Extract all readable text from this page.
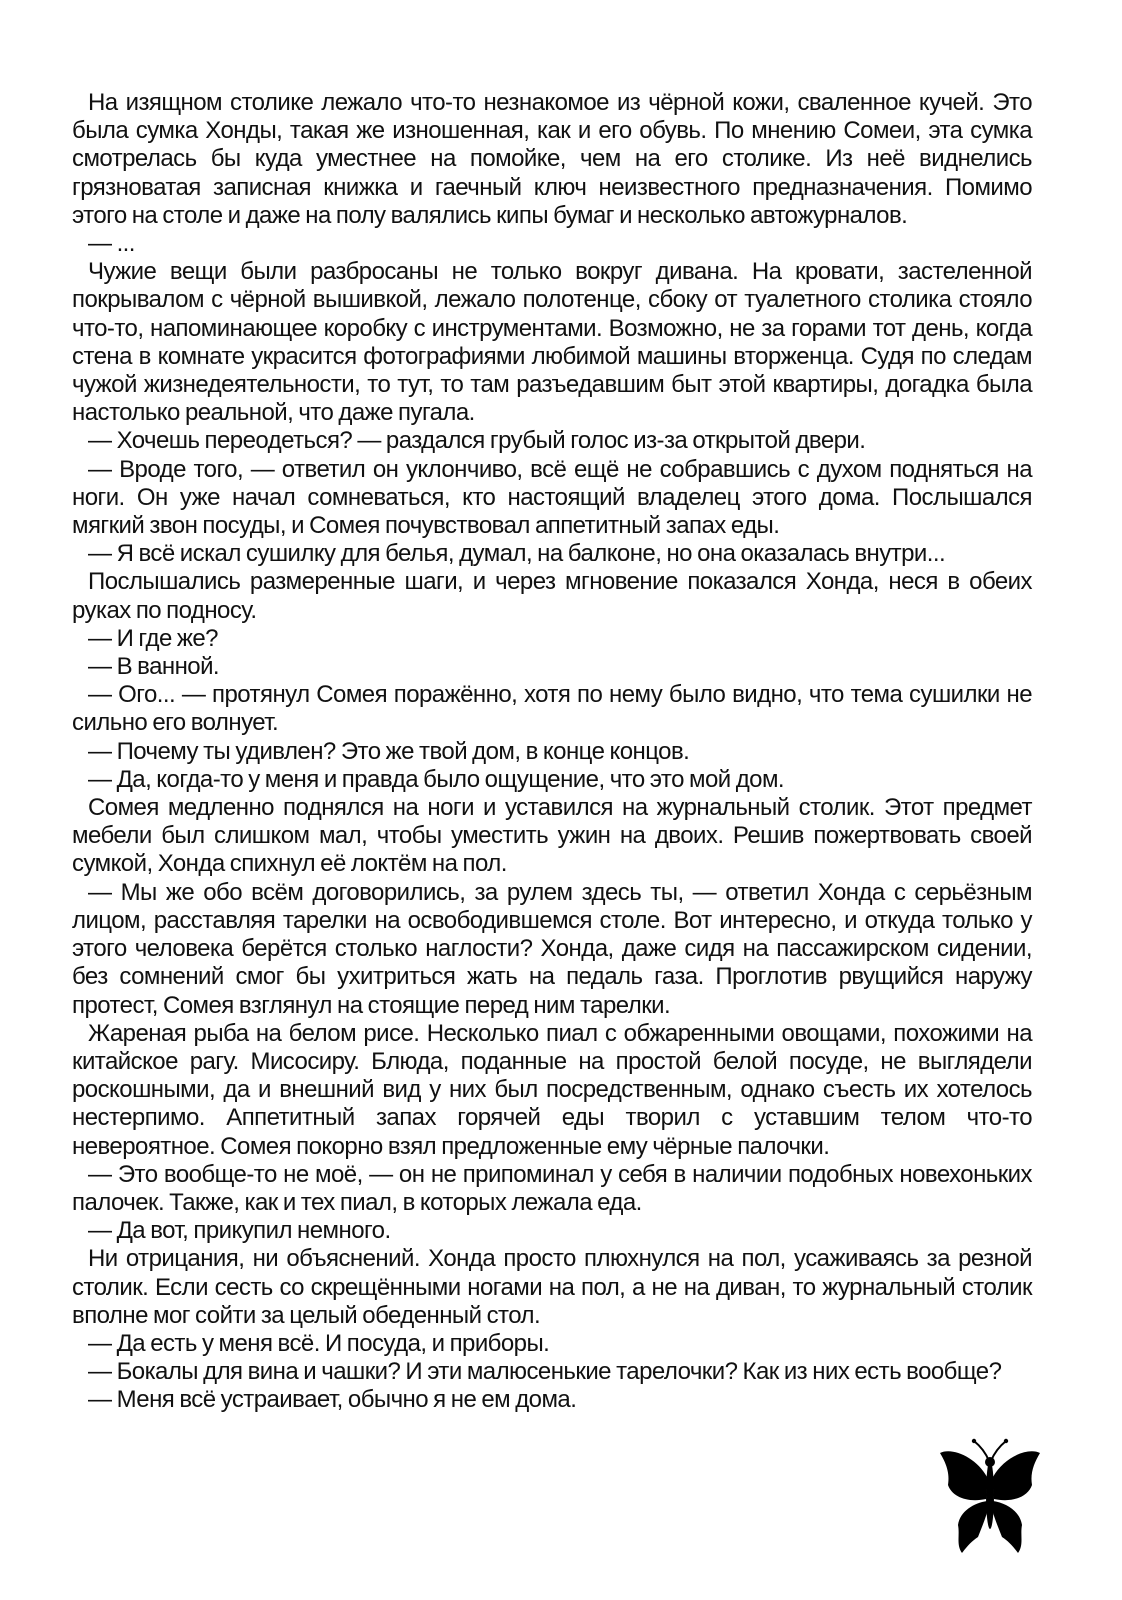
На изящном столике лежало что-то незнакомое из чёрной кожи, сваленное кучей. Это была сумка Хонды, такая же изношенная, как и его обувь. По мнению Сомеи, эта сумка смотрелась бы куда уместнее на помойке, чем на его столике. Из неё виднелись грязноватая записная книжка и гаечный ключ неизвестного предназначения. Помимо этого на столе и даже на полу валялись кипы бумаг и несколько автожурналов.

— ...

Чужие вещи были разбросаны не только вокруг дивана. На кровати, застеленной покрывалом с чёрной вышивкой, лежало полотенце, сбоку от туалетного столика стояло что-то, напоминающее коробку с инструментами. Возможно, не за горами тот день, когда стена в комнате украсится фотографиями любимой машины вторженца. Судя по следам чужой жизнедеятельности, то тут, то там разъедавшим быт этой квартиры, догадка была настолько реальной, что даже пугала.

— Хочешь переодеться? — раздался грубый голос из-за открытой двери.

— Вроде того, — ответил он уклончиво, всё ещё не собравшись с духом подняться на ноги. Он уже начал сомневаться, кто настоящий владелец этого дома. Послышался мягкий звон посуды, и Сомея почувствовал аппетитный запах еды.

— Я всё искал сушилку для белья, думал, на балконе, но она оказалась внутри...

Послышались размеренные шаги, и через мгновение показался Хонда, неся в обеих руках по подносу.

— И где же?

— В ванной.

— Ого... — протянул Сомея поражённо, хотя по нему было видно, что тема сушилки не сильно его волнует.

— Почему ты удивлен? Это же твой дом, в конце концов.

— Да, когда-то у меня и правда было ощущение, что это мой дом.

Сомея медленно поднялся на ноги и уставился на журнальный столик. Этот предмет мебели был слишком мал, чтобы уместить ужин на двоих. Решив пожертвовать своей сумкой, Хонда спихнул её локтём на пол.

— Мы же обо всём договорились, за рулем здесь ты, — ответил Хонда с серьёзным лицом, расставляя тарелки на освободившемся столе. Вот интересно, и откуда только у этого человека берётся столько наглости? Хонда, даже сидя на пассажирском сидении, без сомнений смог бы ухитриться жать на педаль газа. Проглотив рвущийся наружу протест, Сомея взглянул на стоящие перед ним тарелки.

Жареная рыба на белом рисе. Несколько пиал с обжаренными овощами, похожими на китайское рагу. Мисосиру. Блюда, поданные на простой белой посуде, не выглядели роскошными, да и внешний вид у них был посредственным, однако съесть их хотелось нестерпимо. Аппетитный запах горячей еды творил с уставшим телом что-то невероятное. Сомея покорно взял предложенные ему чёрные палочки.

— Это вообще-то не моё, — он не припоминал у себя в наличии подобных новехоньких палочек. Также, как и тех пиал, в которых лежала еда.

— Да вот, прикупил немного.

Ни отрицания, ни объяснений. Хонда просто плюхнулся на пол, усаживаясь за резной столик. Если сесть со скрещёнными ногами на пол, а не на диван, то журнальный столик вполне мог сойти за целый обеденный стол.

— Да есть у меня всё. И посуда, и приборы.

— Бокалы для вина и чашки? И эти малюсенькие тарелочки? Как из них есть вообще?

— Меня всё устраивает, обычно я не ем дома.
